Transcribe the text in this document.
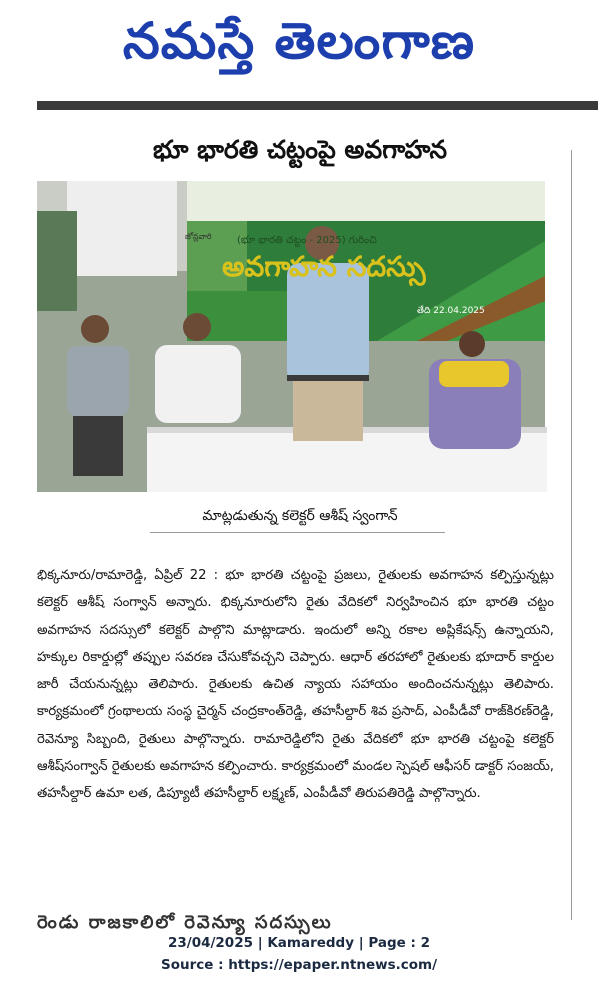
నమస్తే తెలంగాణ
భూ భారతి చట్టంపై అవగాహన
(భూ భారతి చట్టం - 2025) గురించి
అవగాహన సదస్సు
తేది 22.04.2025
జోన్లవారి
మాట్లడుతున్న కలెక్టర్ ఆశీష్ స్వంగాన్
భిక్కనూరు/రామారెడ్డి, ఏప్రిల్ 22 : భూ భారతి చట్టంపై ప్రజలు, రైతులకు అవగాహన కల్పిస్తున్నట్లు కలెక్టర్ ఆశీష్ సంగ్వాన్ అన్నారు. భిక్కనూరులోని రైతు వేదికలో నిర్వహించిన భూ భారతి చట్టం అవగాహన సదస్సులో కలెక్టర్ పాల్గొని మాట్లాడారు. ఇందులో అన్ని రకాల అప్లికేషన్స్ ఉన్నాయని, హక్కుల రికార్డుల్లో తప్పుల సవరణ చేసుకోవచ్చని చెప్పారు. ఆధార్ తరహాలో రైతులకు భూదార్ కార్డుల జారీ చేయనున్నట్లు తెలిపారు. రైతులకు ఉచిత న్యాయ సహాయం అందించనున్నట్లు తెలిపారు. కార్యక్రమంలో గ్రంథాలయ సంస్థ చైర్మన్ చంద్రకాంత్‌రెడ్డి, తహసీల్దార్ శివ ప్రసాద్, ఎంపీడీవో రాజ్‌కిరణ్‌రెడ్డి, రెవెన్యూ సిబ్బంది, రైతులు పాల్గొన్నారు. రామారెడ్డిలోని రైతు వేదికలో భూ భారతి చట్టంపై కలెక్టర్ ఆశీష్‌సంగ్వాన్ రైతులకు అవగాహన కల్పించారు. కార్యక్రమంలో మండల స్పెషల్ ఆఫీసర్ డాక్టర్ సంజయ్, తహసీల్దార్ ఉమా లత, డిప్యూటీ తహసీల్దార్ లక్ష్మణ్, ఎంపీడీవో తిరుపతిరెడ్డి పాల్గొన్నారు.
రెండు రాజకాలిలో రెవెన్యూ సదస్సులు
23/04/2025 | Kamareddy | Page : 2
Source : https://epaper.ntnews.com/
